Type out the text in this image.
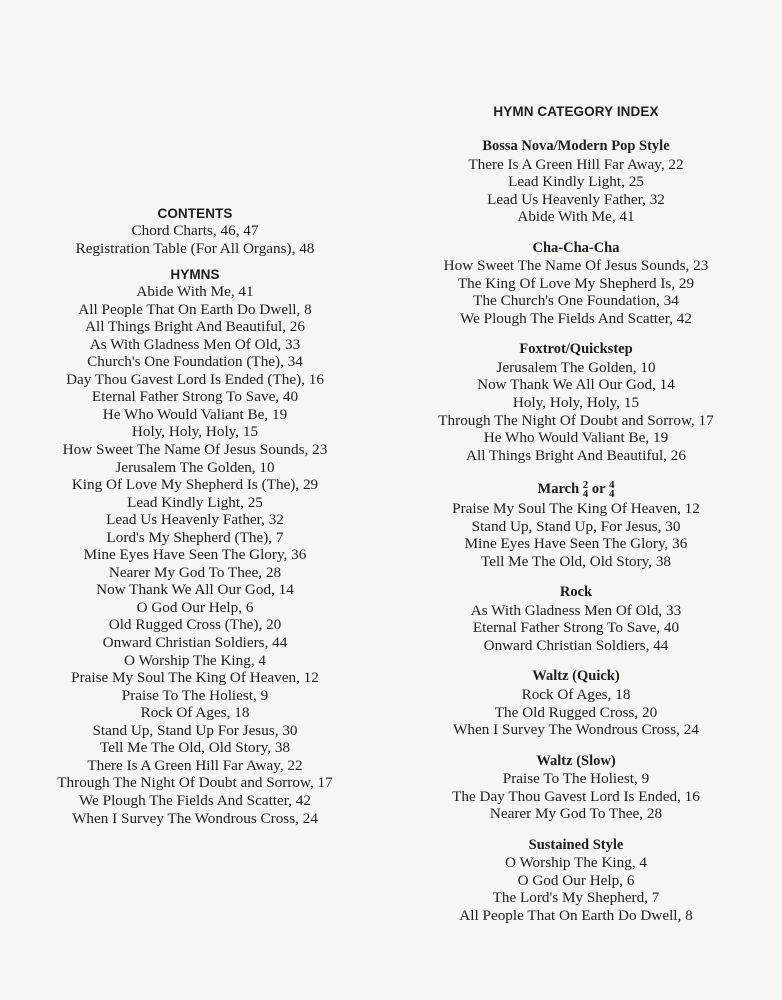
CONTENTS
Chord Charts, 46, 47
Registration Table (For All Organs), 48
HYMNS
Abide With Me, 41
All People That On Earth Do Dwell, 8
All Things Bright And Beautiful, 26
As With Gladness Men Of Old, 33
Church's One Foundation (The), 34
Day Thou Gavest Lord Is Ended (The), 16
Eternal Father Strong To Save, 40
He Who Would Valiant Be, 19
Holy, Holy, Holy, 15
How Sweet The Name Of Jesus Sounds, 23
Jerusalem The Golden, 10
King Of Love My Shepherd Is (The), 29
Lead Kindly Light, 25
Lead Us Heavenly Father, 32
Lord's My Shepherd (The), 7
Mine Eyes Have Seen The Glory, 36
Nearer My God To Thee, 28
Now Thank We All Our God, 14
O God Our Help, 6
Old Rugged Cross (The), 20
Onward Christian Soldiers, 44
O Worship The King, 4
Praise My Soul The King Of Heaven, 12
Praise To The Holiest, 9
Rock Of Ages, 18
Stand Up, Stand Up For Jesus, 30
Tell Me The Old, Old Story, 38
There Is A Green Hill Far Away, 22
Through The Night Of Doubt and Sorrow, 17
We Plough The Fields And Scatter, 42
When I Survey The Wondrous Cross, 24
HYMN CATEGORY INDEX
Bossa Nova/Modern Pop Style
There Is A Green Hill Far Away, 22
Lead Kindly Light, 25
Lead Us Heavenly Father, 32
Abide With Me, 41
Cha-Cha-Cha
How Sweet The Name Of Jesus Sounds, 23
The King Of Love My Shepherd Is, 29
The Church's One Foundation, 34
We Plough The Fields And Scatter, 42
Foxtrot/Quickstep
Jerusalem The Golden, 10
Now Thank We All Our God, 14
Holy, Holy, Holy, 15
Through The Night Of Doubt and Sorrow, 17
He Who Would Valiant Be, 19
All Things Bright And Beautiful, 26
March 2
4 or 4
4
Praise My Soul The King Of Heaven, 12
Stand Up, Stand Up, For Jesus, 30
Mine Eyes Have Seen The Glory, 36
Tell Me The Old, Old Story, 38
Rock
As With Gladness Men Of Old, 33
Eternal Father Strong To Save, 40
Onward Christian Soldiers, 44
Waltz (Quick)
Rock Of Ages, 18
The Old Rugged Cross, 20
When I Survey The Wondrous Cross, 24
Waltz (Slow)
Praise To The Holiest, 9
The Day Thou Gavest Lord Is Ended, 16
Nearer My God To Thee, 28
Sustained Style
O Worship The King, 4
O God Our Help, 6
The Lord's My Shepherd, 7
All People That On Earth Do Dwell, 8
